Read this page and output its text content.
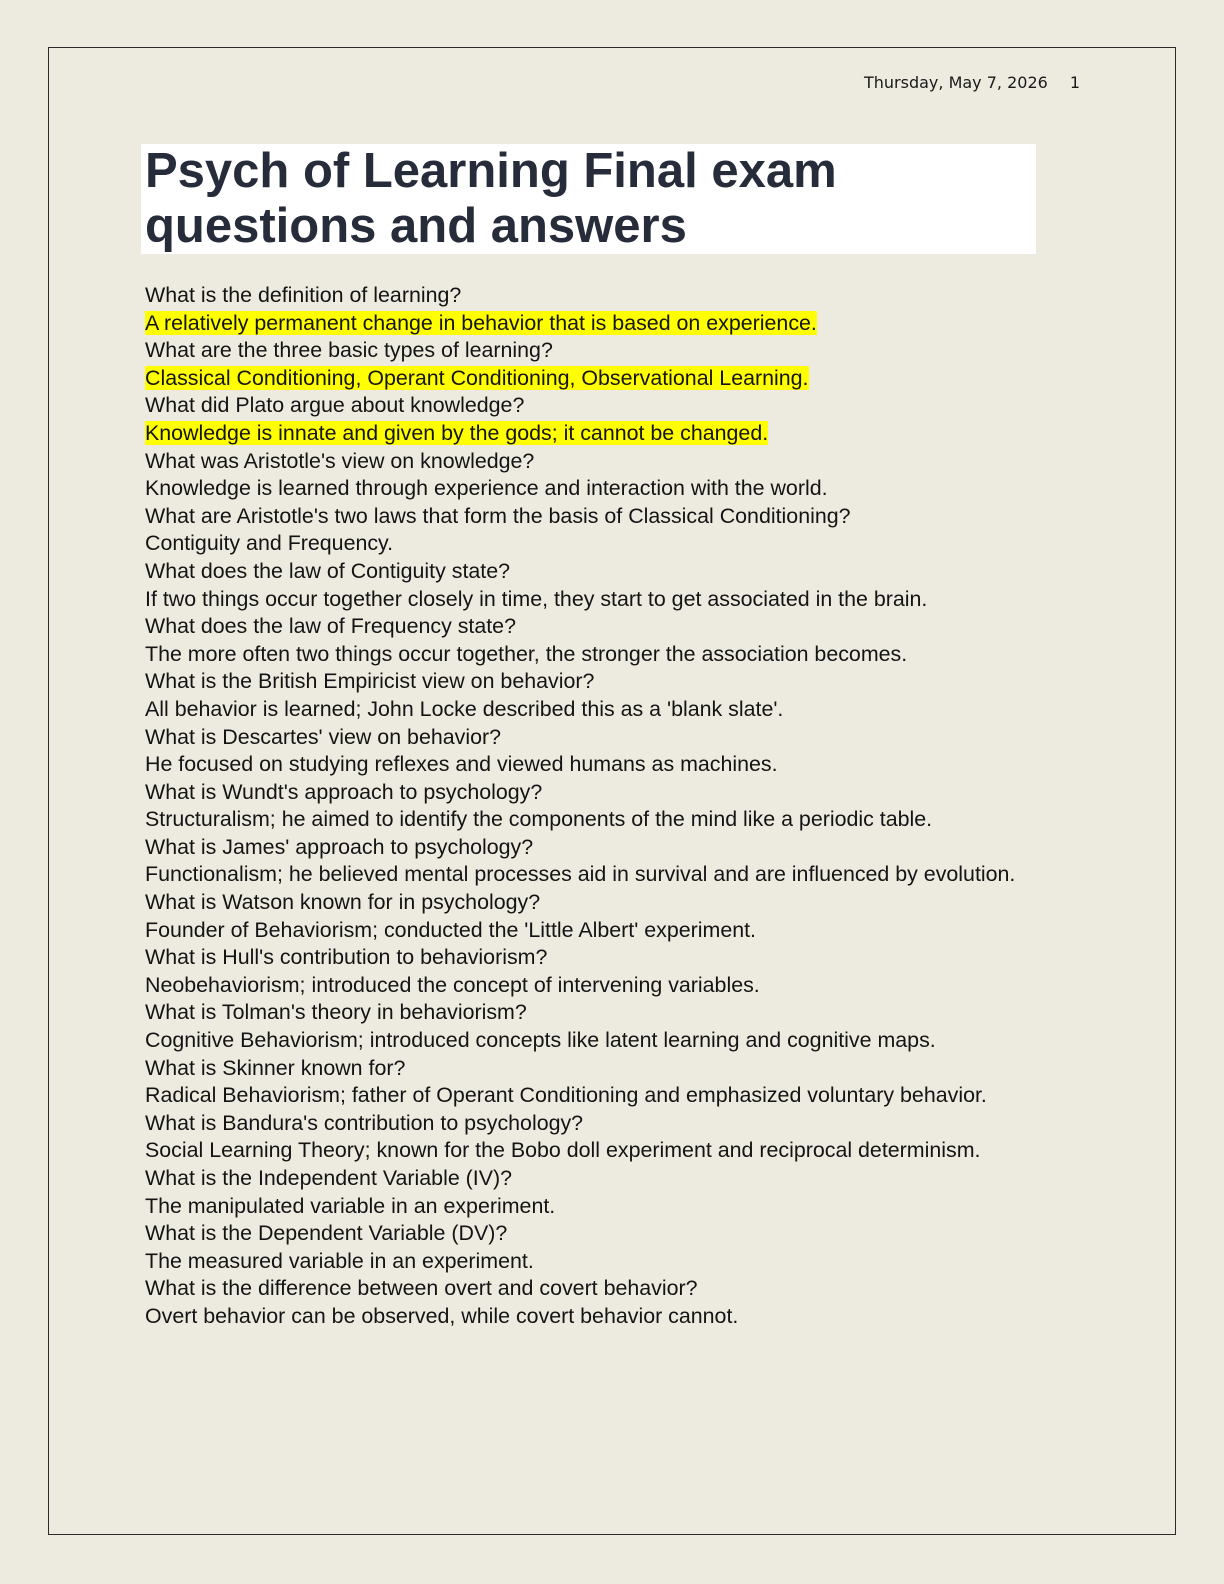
Thursday, May 7, 2026 1
Psych of Learning Final exam questions and answers
What is the definition of learning?
A relatively permanent change in behavior that is based on experience.
What are the three basic types of learning?
Classical Conditioning, Operant Conditioning, Observational Learning.
What did Plato argue about knowledge?
Knowledge is innate and given by the gods; it cannot be changed.
What was Aristotle's view on knowledge?
Knowledge is learned through experience and interaction with the world.
What are Aristotle's two laws that form the basis of Classical Conditioning?
Contiguity and Frequency.
What does the law of Contiguity state?
If two things occur together closely in time, they start to get associated in the brain.
What does the law of Frequency state?
The more often two things occur together, the stronger the association becomes.
What is the British Empiricist view on behavior?
All behavior is learned; John Locke described this as a 'blank slate'.
What is Descartes' view on behavior?
He focused on studying reflexes and viewed humans as machines.
What is Wundt's approach to psychology?
Structuralism; he aimed to identify the components of the mind like a periodic table.
What is James' approach to psychology?
Functionalism; he believed mental processes aid in survival and are influenced by evolution.
What is Watson known for in psychology?
Founder of Behaviorism; conducted the 'Little Albert' experiment.
What is Hull's contribution to behaviorism?
Neobehaviorism; introduced the concept of intervening variables.
What is Tolman's theory in behaviorism?
Cognitive Behaviorism; introduced concepts like latent learning and cognitive maps.
What is Skinner known for?
Radical Behaviorism; father of Operant Conditioning and emphasized voluntary behavior.
What is Bandura's contribution to psychology?
Social Learning Theory; known for the Bobo doll experiment and reciprocal determinism.
What is the Independent Variable (IV)?
The manipulated variable in an experiment.
What is the Dependent Variable (DV)?
The measured variable in an experiment.
What is the difference between overt and covert behavior?
Overt behavior can be observed, while covert behavior cannot.
